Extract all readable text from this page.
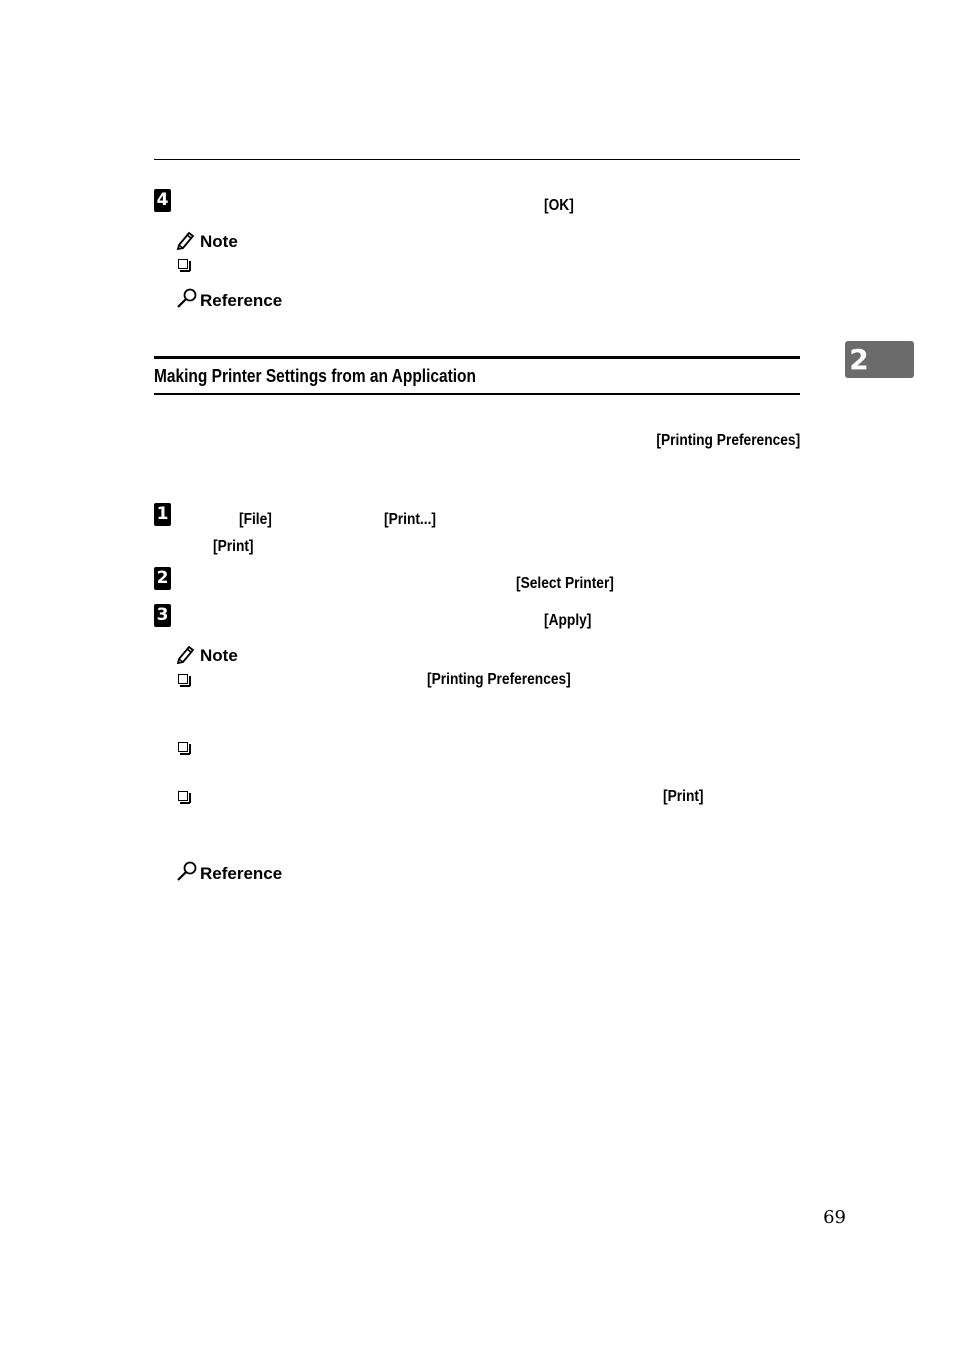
4	[OK]
Note
Reference
Making Printer Settings from an Application	2
[Printing Preferences]
1	[File]	[Print...]
[Print]
2	[Select Printer]
3	[Apply]
Note
[Printing Preferences]
[Print]
Reference
69
